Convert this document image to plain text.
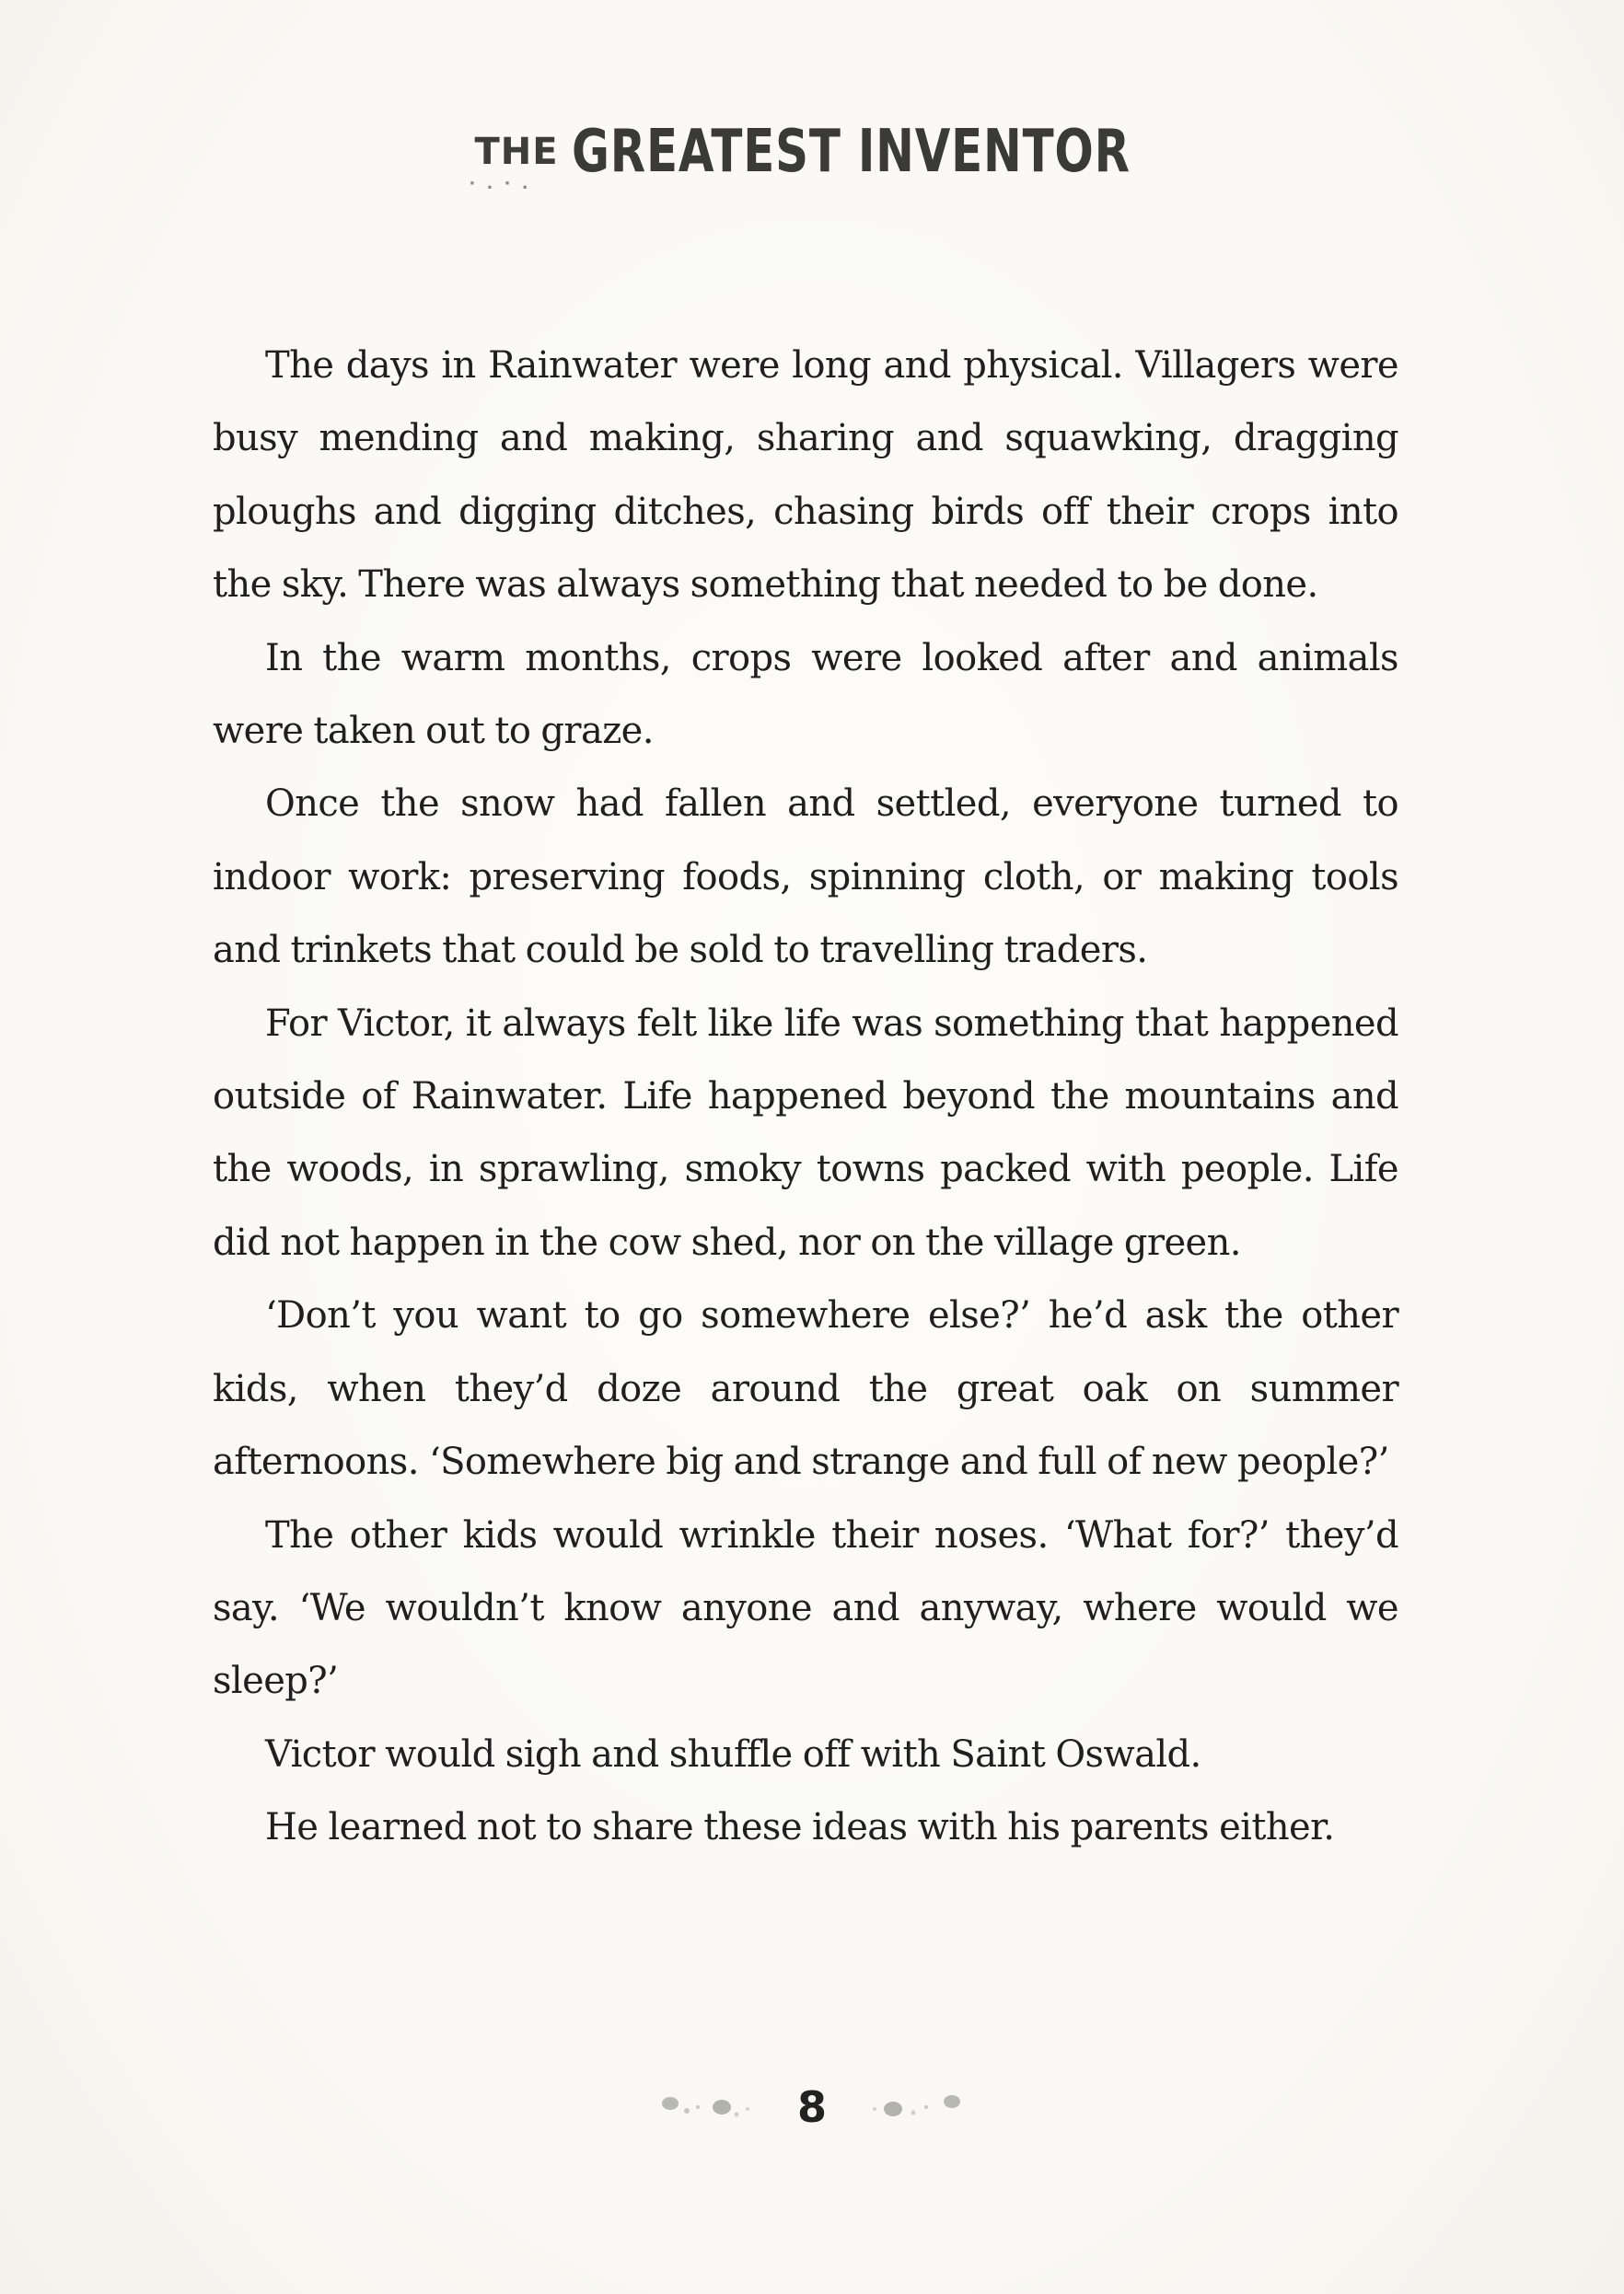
THE · . · . GREATEST INVENTOR

The days in Rainwater were long and physical. Villagers were busy mending and making, sharing and squawking, dragging ploughs and digging ditches, chasing birds off their crops into the sky. There was always something that needed to be done.

In the warm months, crops were looked after and animals were taken out to graze.

Once the snow had fallen and settled, everyone turned to indoor work: preserving foods, spinning cloth, or making tools and trinkets that could be sold to travelling traders.

For Victor, it always felt like life was something that happened outside of Rainwater. Life happened beyond the mountains and the woods, in sprawling, smoky towns packed with people. Life did not happen in the cow shed, nor on the village green.

‘Don’t you want to go somewhere else?’ he’d ask the other kids, when they’d doze around the great oak on summer afternoons. ‘Somewhere big and strange and full of new people?’

The other kids would wrinkle their noses. ‘What for?’ they’d say. ‘We wouldn’t know anyone and anyway, where would we sleep?’

Victor would sigh and shuffle off with Saint Oswald.

He learned not to share these ideas with his parents either.

8
